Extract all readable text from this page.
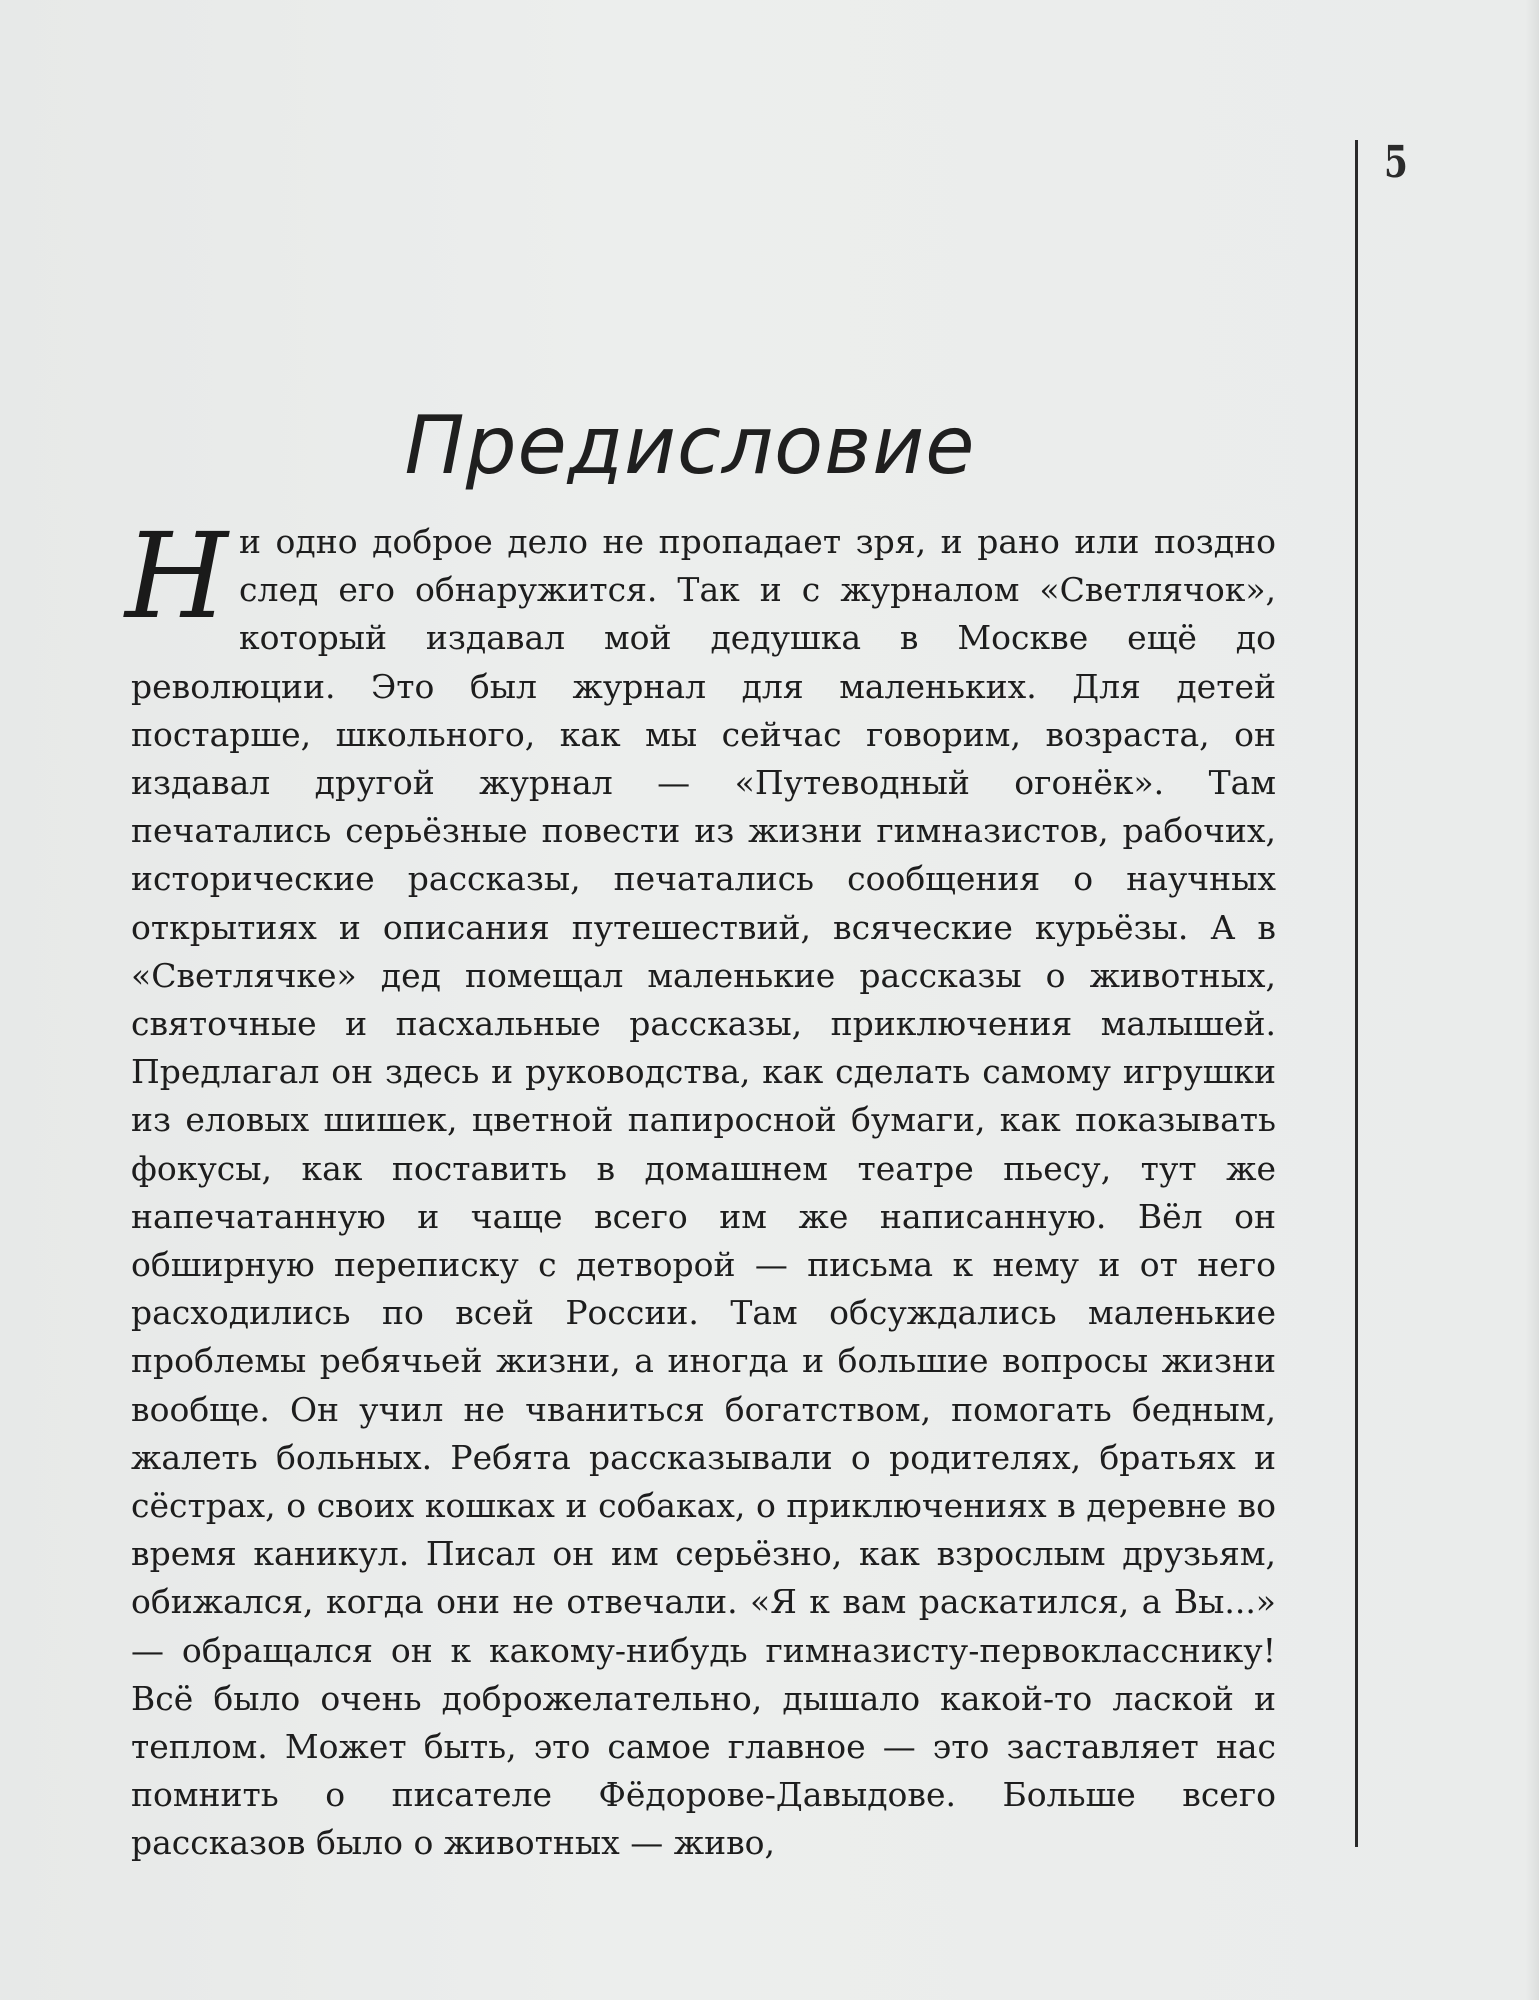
5
Предисловие

Ни одно доброе дело не пропадает зря, и рано или поздно след его обнаружится. Так и с журналом «Светлячок», который издавал мой дедушка в Москве ещё до революции. Это был журнал для маленьких. Для детей постарше, школьного, как мы сейчас говорим, возраста, он издавал другой журнал — «Путеводный огонёк». Там печатались серьёзные повести из жизни гимназистов, рабочих, исторические рассказы, печатались сообщения о научных открытиях и описания путешествий, всяческие курьёзы. А в «Светлячке» дед помещал маленькие рассказы о животных, святочные и пасхальные рассказы, приключения малышей. Предлагал он здесь и руководства, как сделать самому игрушки из еловых шишек, цветной папиросной бумаги, как показывать фокусы, как поставить в домашнем театре пьесу, тут же напечатанную и чаще всего им же написанную. Вёл он обширную переписку с детворой — письма к нему и от него расходились по всей России. Там обсуждались маленькие проблемы ребячьей жизни, а иногда и большие вопросы жизни вообще. Он учил не чваниться богатством, помогать бедным, жалеть больных. Ребята рассказывали о родителях, братьях и сёстрах, о своих кошках и собаках, о приключениях в деревне во время каникул. Писал он им серьёзно, как взрослым друзьям, обижался, когда они не отвечали. «Я к вам раскатился, а Вы...» — обращался он к какому-нибудь гимназисту-первокласснику! Всё было очень доброжелательно, дышало какой-то лаской и теплом. Может быть, это самое главное — это заставляет нас помнить о писателе Фёдорове-Давыдове. Больше всего рассказов было о животных — живо,
